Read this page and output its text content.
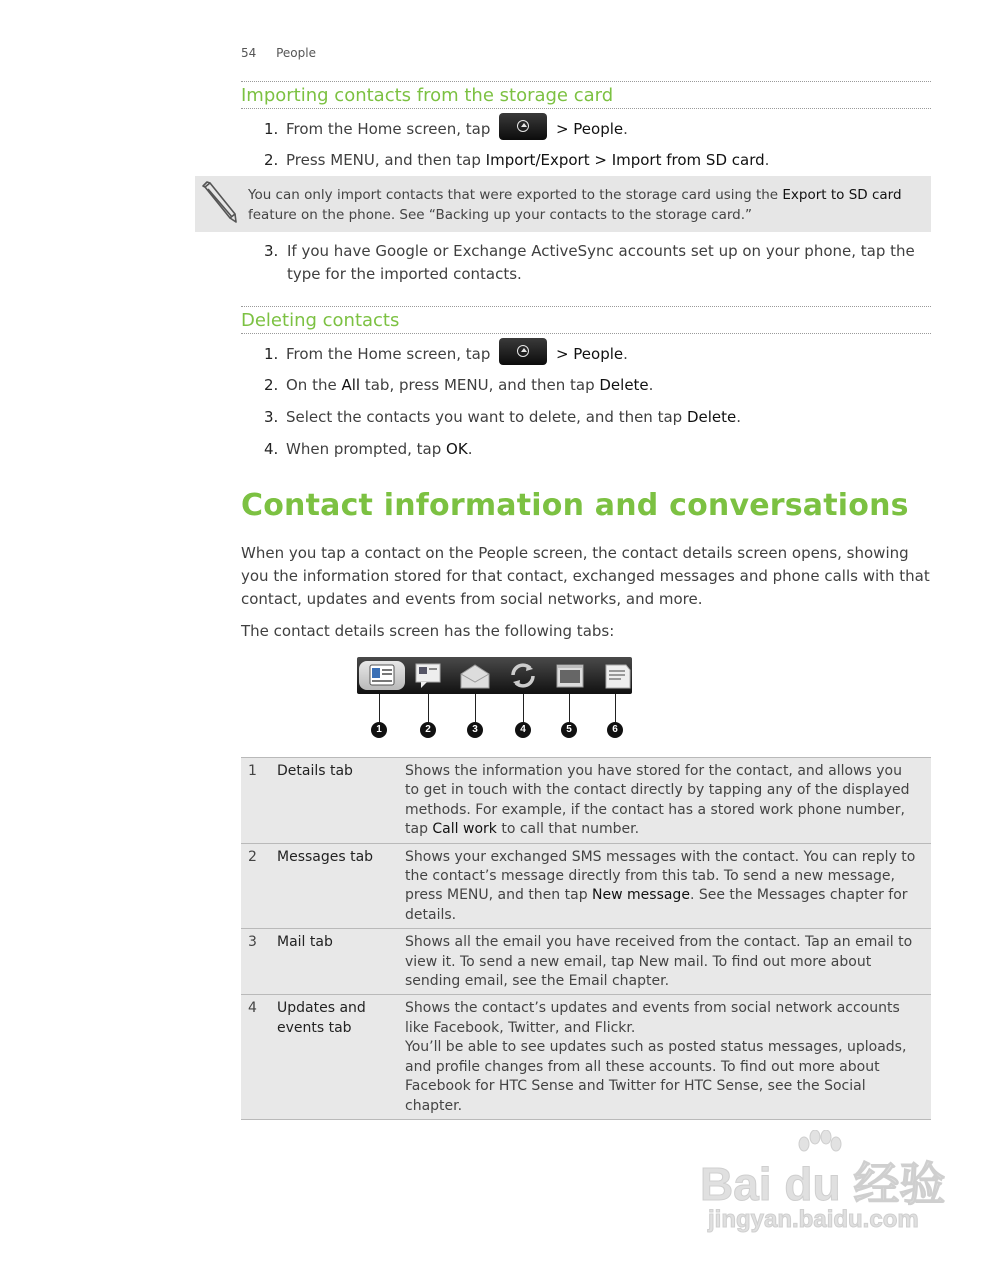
54 People
Importing contacts from the storage card
1. From the Home screen, tap	> People.
2. Press MENU, and then tap Import/Export > Import from SD card.
You can only import contacts that were exported to the storage card using the Export to SD card feature on the phone. See “Backing up your contacts to the storage card.”
3. If you have Google or Exchange ActiveSync accounts set up on your phone, tap the type for the imported contacts.
Deleting contacts
1. From the Home screen, tap	> People.
2. On the All tab, press MENU, and then tap Delete.
3. Select the contacts you want to delete, and then tap Delete.
4. When prompted, tap OK.
Contact information and conversations
When you tap a contact on the People screen, the contact details screen opens, showing you the information stored for that contact, exchanged messages and phone calls with that contact, updates and events from social networks, and more.
The contact details screen has the following tabs:
1	2	3	4	5	6
1	Details tab	Shows the information you have stored for the contact, and allows you to get in touch with the contact directly by tapping any of the displayed methods. For example, if the contact has a stored work phone number, tap Call work to call that number.
2	Messages tab	Shows your exchanged SMS messages with the contact. You can reply to the contact’s message directly from this tab. To send a new message, press MENU, and then tap New message. See the Messages chapter for details.
3	Mail tab	Shows all the email you have received from the contact. Tap an email to view it. To send a new email, tap New mail. To find out more about sending email, see the Email chapter.
4	Updates and events tab	Shows the contact’s updates and events from social network accounts like Facebook, Twitter, and Flickr.
You’ll be able to see updates such as posted status messages, uploads, and profile changes from all these accounts. To find out more about Facebook for HTC Sense and Twitter for HTC Sense, see the Social chapter.
Bai du 经验
jingyan.baidu.com
